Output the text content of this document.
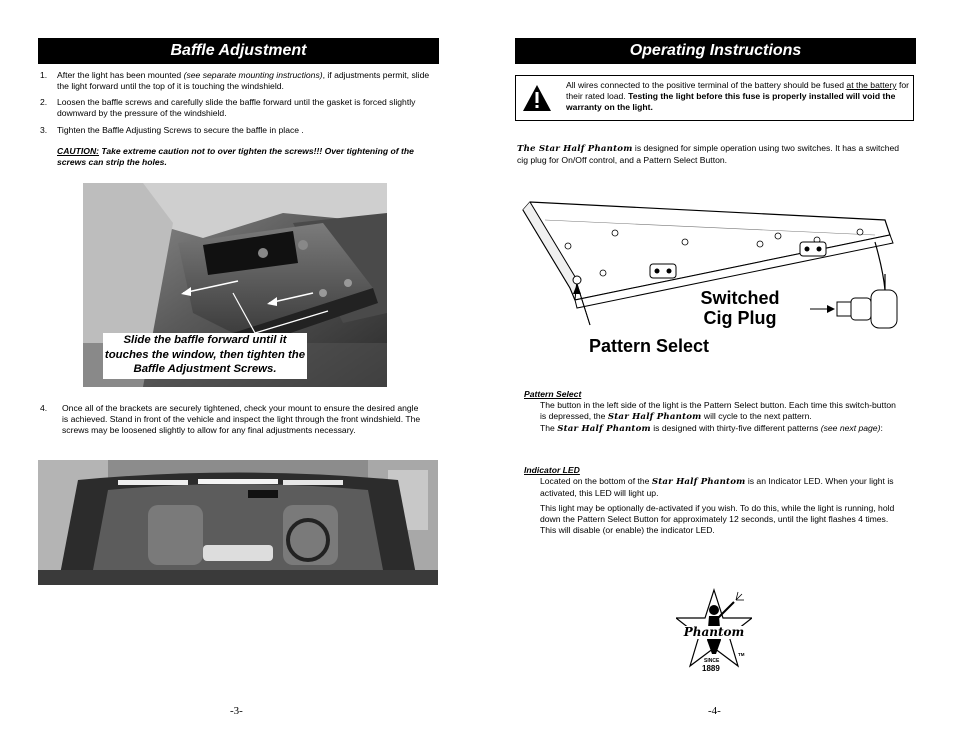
Baffle Adjustment
1. After the light has been mounted (see separate mounting instructions), if adjustments permit, slide the light forward until the top of it is touching the windshield.
2. Loosen the baffle screws and carefully slide the baffle forward until the gasket is forced slightly downward by the pressure of the windshield.
3. Tighten the Baffle Adjusting Screws to secure the baffle in place .
CAUTION: Take extreme caution not to over tighten the screws!!! Over tightening of the screws can strip the holes.
Slide the baffle forward until it touches the window, then tighten the Baffle Adjustment Screws.
4. Once all of the brackets are securely tightened, check your mount to ensure the desired angle is achieved. Stand in front of the vehicle and inspect the light through the front windshield. The screws may be loosened slightly to allow for any final adjustments necessary.
-3-
Operating Instructions
All wires connected to the positive terminal of the battery should be fused at the battery for their rated load. Testing the light before this fuse is properly installed will void the warranty on the light.
The Star Half Phantom is designed for simple operation using two switches. It has a switched cig plug for On/Off control, and a Pattern Select Button.
Switched
Cig Plug
Pattern Select
Pattern Select
The button in the left side of the light is the Pattern Select button. Each time this switch-button is depressed, the Star Half Phantom will cycle to the next pattern.
The Star Half Phantom is designed with thirty-five different patterns (see next page):
Indicator LED
Located on the bottom of the Star Half Phantom is an Indicator LED. When your light is activated, this LED will light up.
This light may be optionally de-activated if you wish. To do this, while the light is running, hold down the Pattern Select Button for approximately 12 seconds, until the light flashes 4 times. This will disable (or enable) the indicator LED.
Phantom
SINCE
1889
TM
-4-
